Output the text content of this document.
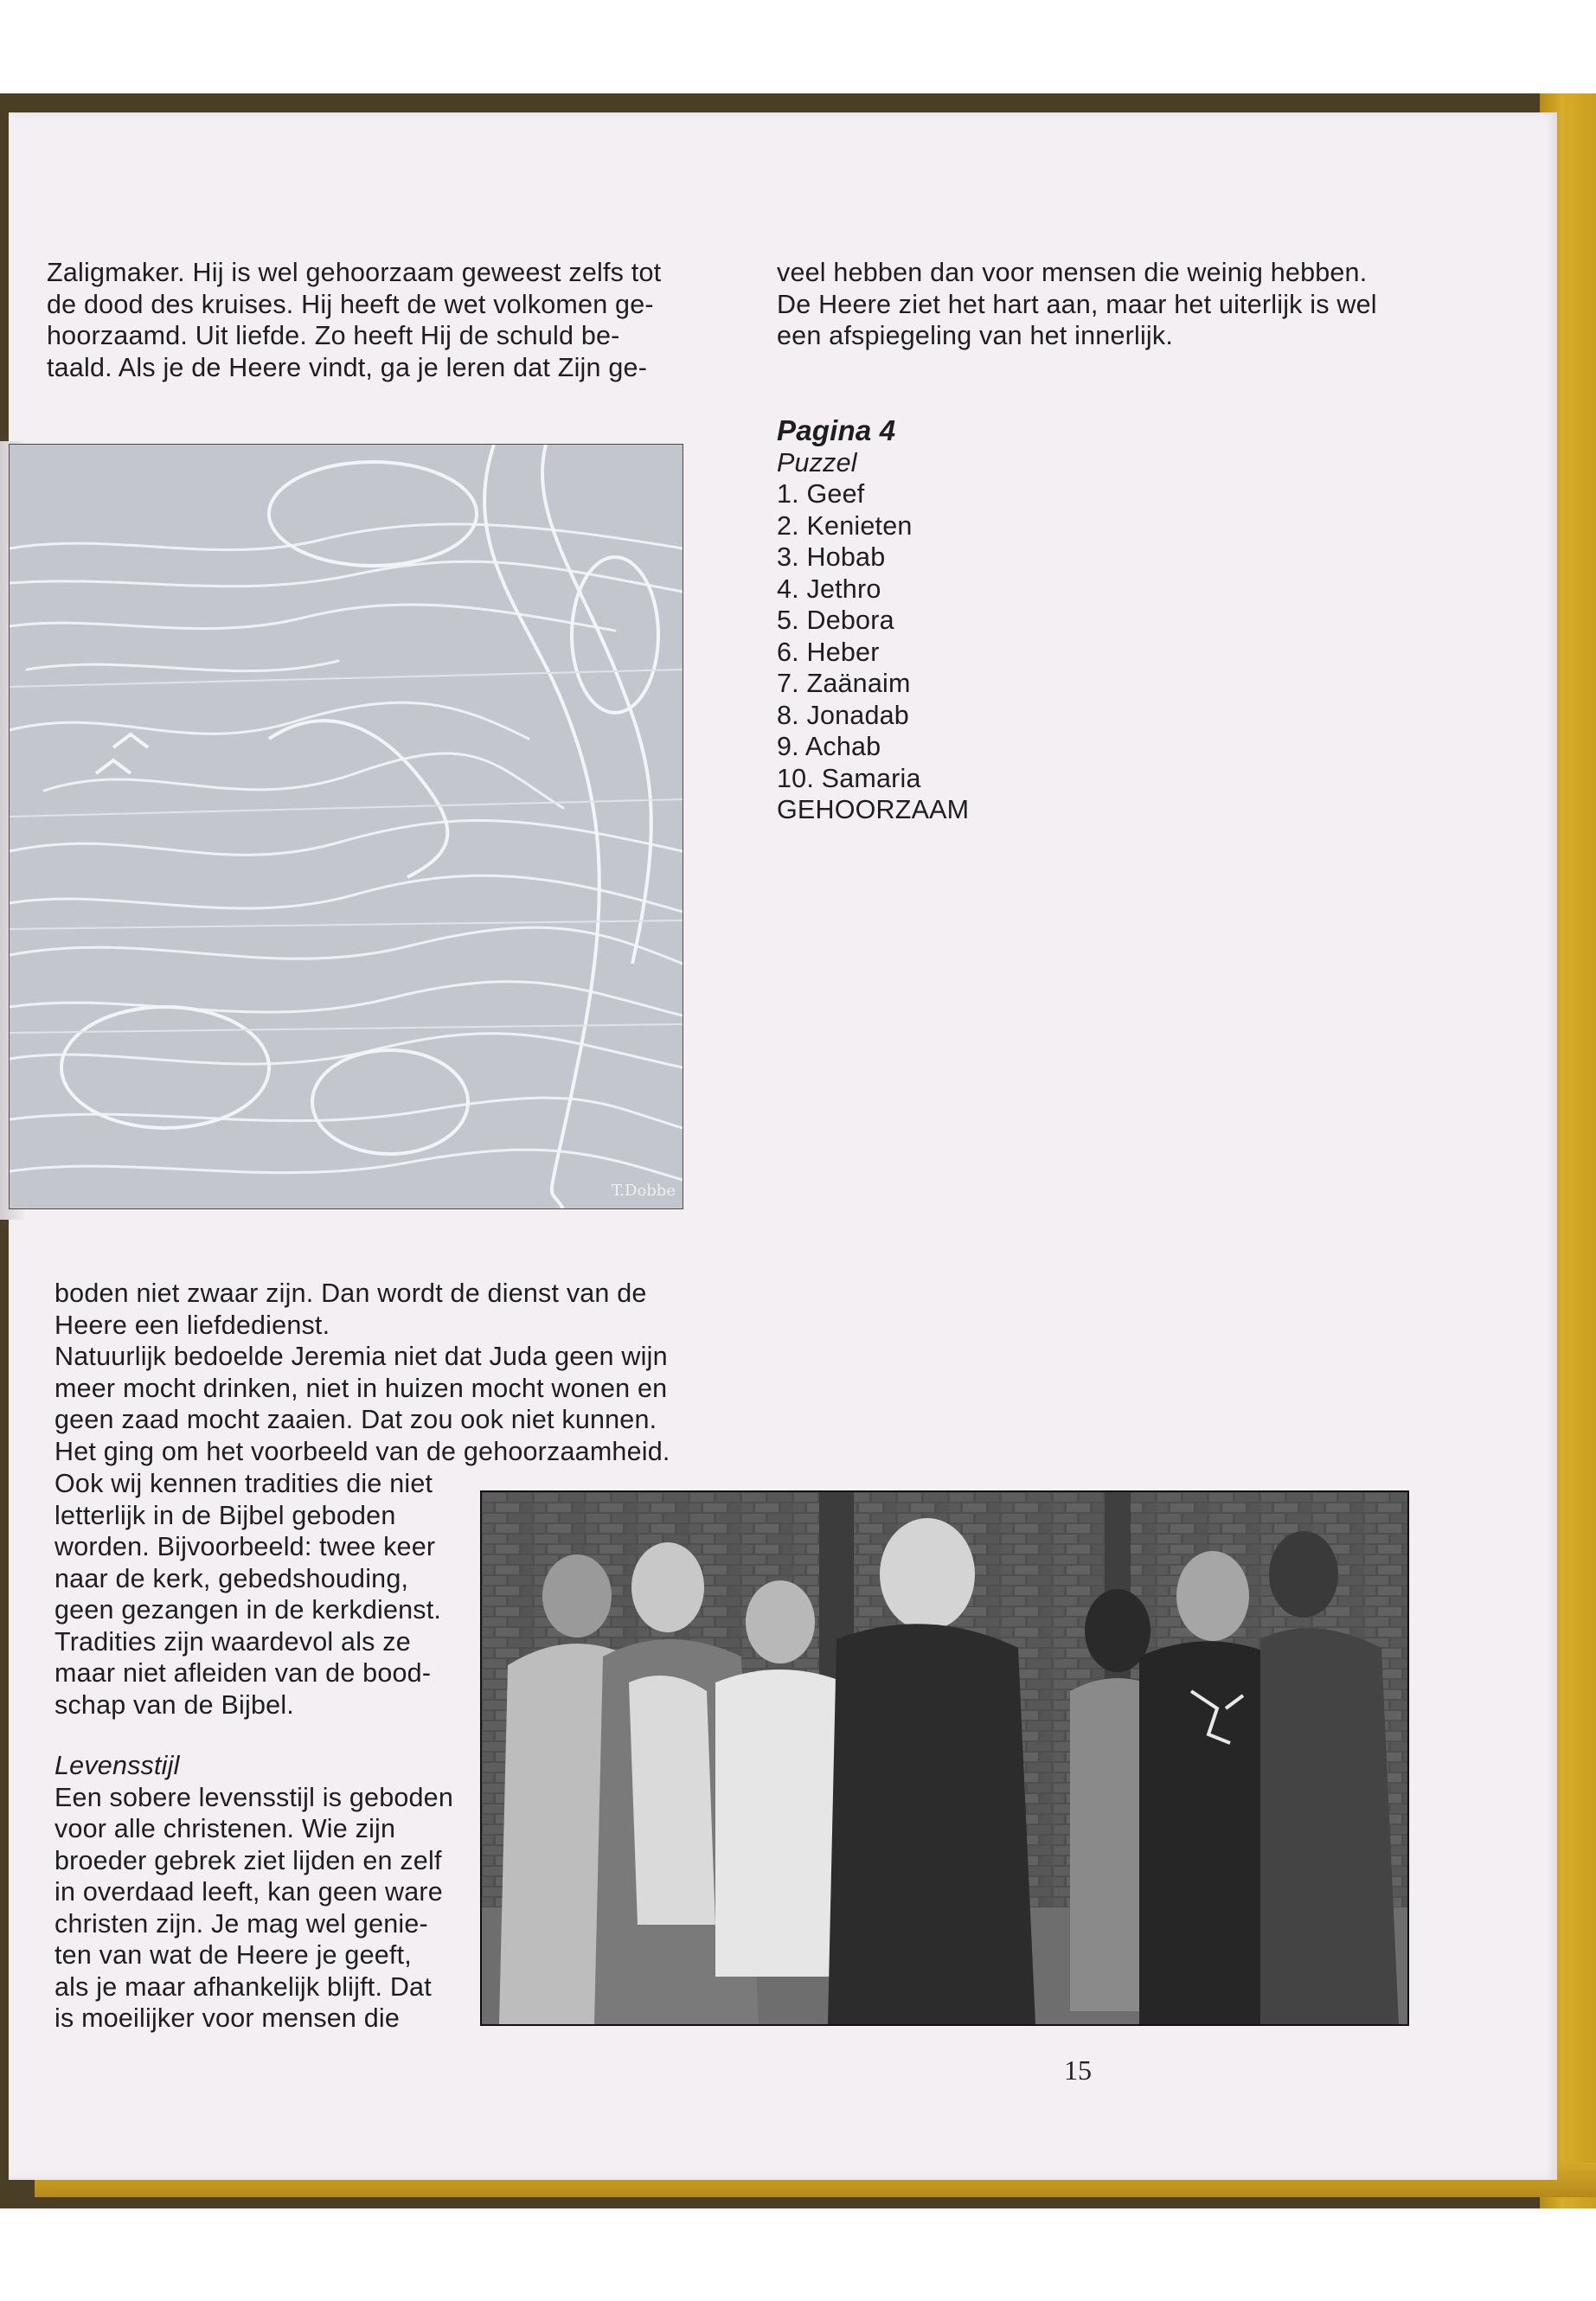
Zaligmaker. Hij is wel gehoorzaam geweest zelfs tot
de dood des kruises. Hij heeft de wet volkomen ge-
hoorzaamd. Uit liefde. Zo heeft Hij de schuld be-
taald. Als je de Heere vindt, ga je leren dat Zijn ge-
veel hebben dan voor mensen die weinig hebben.
De Heere ziet het hart aan, maar het uiterlijk is wel
een afspiegeling van het innerlijk.
Pagina 4
Puzzel
1. Geef
2. Kenieten
3. Hobab
4. Jethro
5. Debora
6. Heber
7. Zaänaim
8. Jonadab
9. Achab
10. Samaria
GEHOORZAAM
T.Dobbe
boden niet zwaar zijn. Dan wordt de dienst van de
Heere een liefdedienst.
Natuurlijk bedoelde Jeremia niet dat Juda geen wijn
meer mocht drinken, niet in huizen mocht wonen en
geen zaad mocht zaaien. Dat zou ook niet kunnen.
Het ging om het voorbeeld van de gehoorzaamheid.
Ook wij kennen tradities die niet
letterlijk in de Bijbel geboden
worden. Bijvoorbeeld: twee keer
naar de kerk, gebedshouding,
geen gezangen in de kerkdienst.
Tradities zijn waardevol als ze
maar niet afleiden van de bood-
schap van de Bijbel.
Levensstijl
Een sobere levensstijl is geboden
voor alle christenen. Wie zijn
broeder gebrek ziet lijden en zelf
in overdaad leeft, kan geen ware
christen zijn. Je mag wel genie-
ten van wat de Heere je geeft,
als je maar afhankelijk blijft. Dat
is moeilijker voor mensen die
15
